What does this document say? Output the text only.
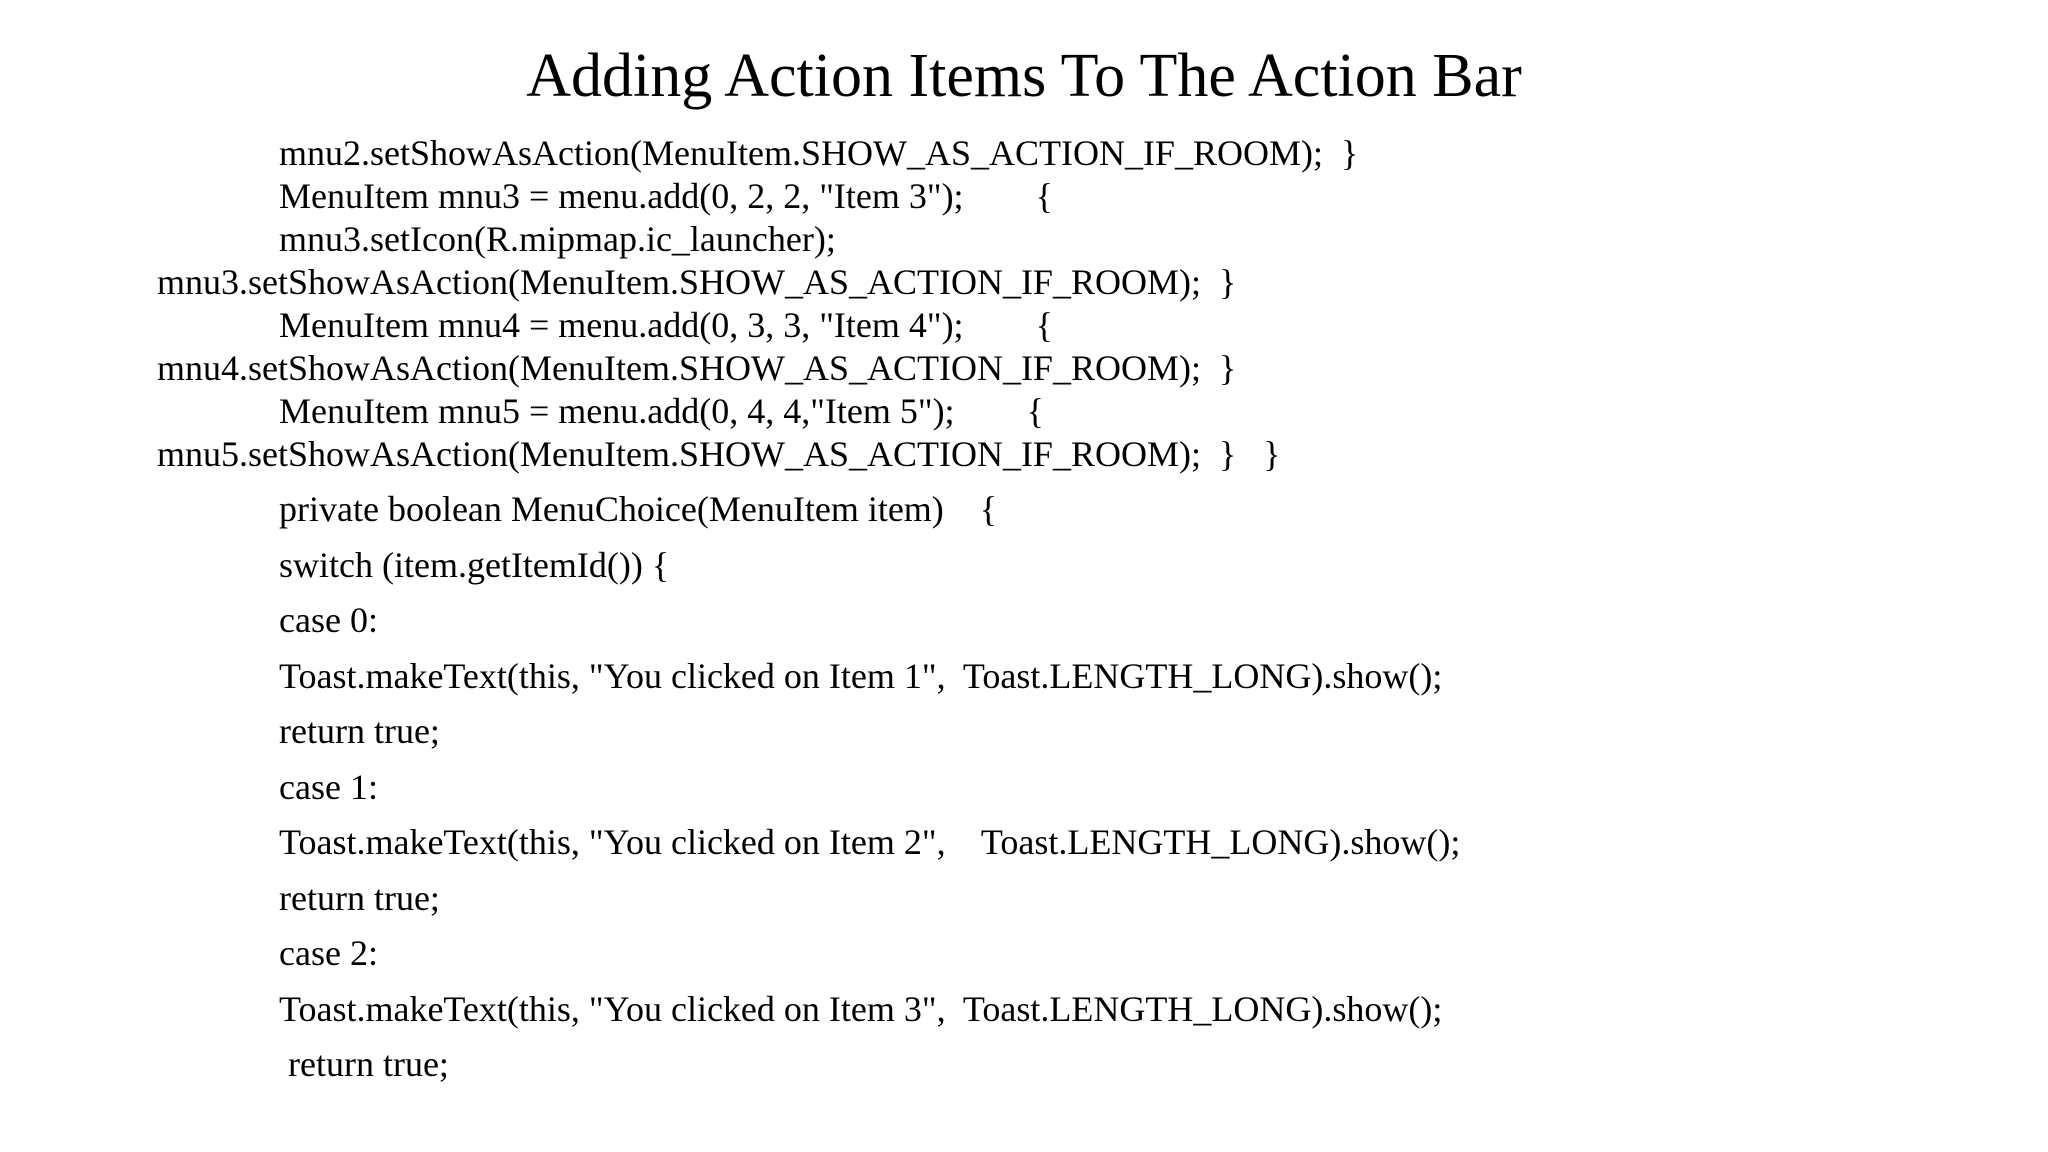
Adding Action Items To The Action Bar
mnu2.setShowAsAction(MenuItem.SHOW_AS_ACTION_IF_ROOM);  }
MenuItem mnu3 = menu.add(0, 2, 2, "Item 3");        {
mnu3.setIcon(R.mipmap.ic_launcher);
mnu3.setShowAsAction(MenuItem.SHOW_AS_ACTION_IF_ROOM);  }
MenuItem mnu4 = menu.add(0, 3, 3, "Item 4");        {
mnu4.setShowAsAction(MenuItem.SHOW_AS_ACTION_IF_ROOM);  }
MenuItem mnu5 = menu.add(0, 4, 4,"Item 5");        {
mnu5.setShowAsAction(MenuItem.SHOW_AS_ACTION_IF_ROOM);  }   }
private boolean MenuChoice(MenuItem item)    {
switch (item.getItemId()) {
case 0:
Toast.makeText(this, "You clicked on Item 1",  Toast.LENGTH_LONG).show();
return true;
case 1:
Toast.makeText(this, "You clicked on Item 2",    Toast.LENGTH_LONG).show();
return true;
case 2:
Toast.makeText(this, "You clicked on Item 3",  Toast.LENGTH_LONG).show();
return true;
